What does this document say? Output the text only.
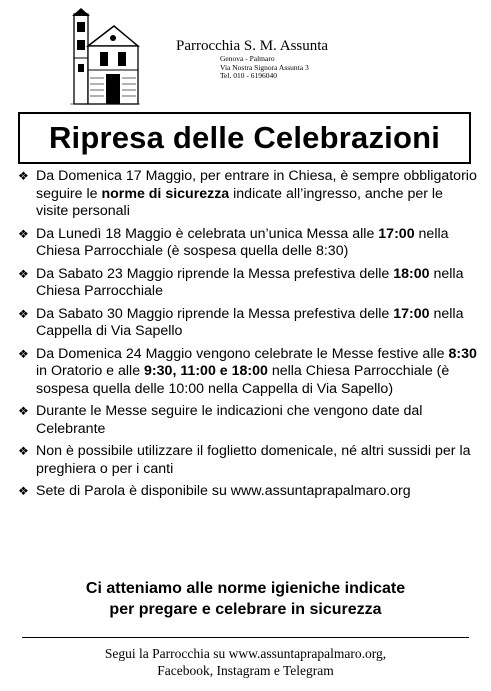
Parrocchia S. M. Assunta
Genova - Palmaro
Via Nostra Signora Assunta 3
Tel. 010 - 6196040
Ripresa delle Celebrazioni
❖ Da Domenica 17 Maggio, per entrare in Chiesa, è sempre obbligatorio seguire le norme di sicurezza indicate all’ingresso, anche per le visite personali
❖ Da Lunedì 18 Maggio è celebrata un’unica Messa alle 17:00 nella Chiesa Parrocchiale (è sospesa quella delle 8:30)
❖ Da Sabato 23 Maggio riprende la Messa prefestiva delle 18:00 nella Chiesa Parrocchiale
❖ Da Sabato 30 Maggio riprende la Messa prefestiva delle 17:00 nella Cappella di Via Sapello
❖ Da Domenica 24 Maggio vengono celebrate le Messe festive alle 8:30 in Oratorio e alle 9:30, 11:00 e 18:00 nella Chiesa Parrocchiale (è sospesa quella delle 10:00 nella Cappella di Via Sapello)
❖ Durante le Messe seguire le indicazioni che vengono date dal Celebrante
❖ Non è possibile utilizzare il foglietto domenicale, né altri sussidi per la preghiera o per i canti
❖ Sete di Parola è disponibile su www.assuntaprapalmaro.org
Ci atteniamo alle norme igieniche indicate
per pregare e celebrare in sicurezza
Segui la Parrocchia su www.assuntaprapalmaro.org,
Facebook, Instagram e Telegram
